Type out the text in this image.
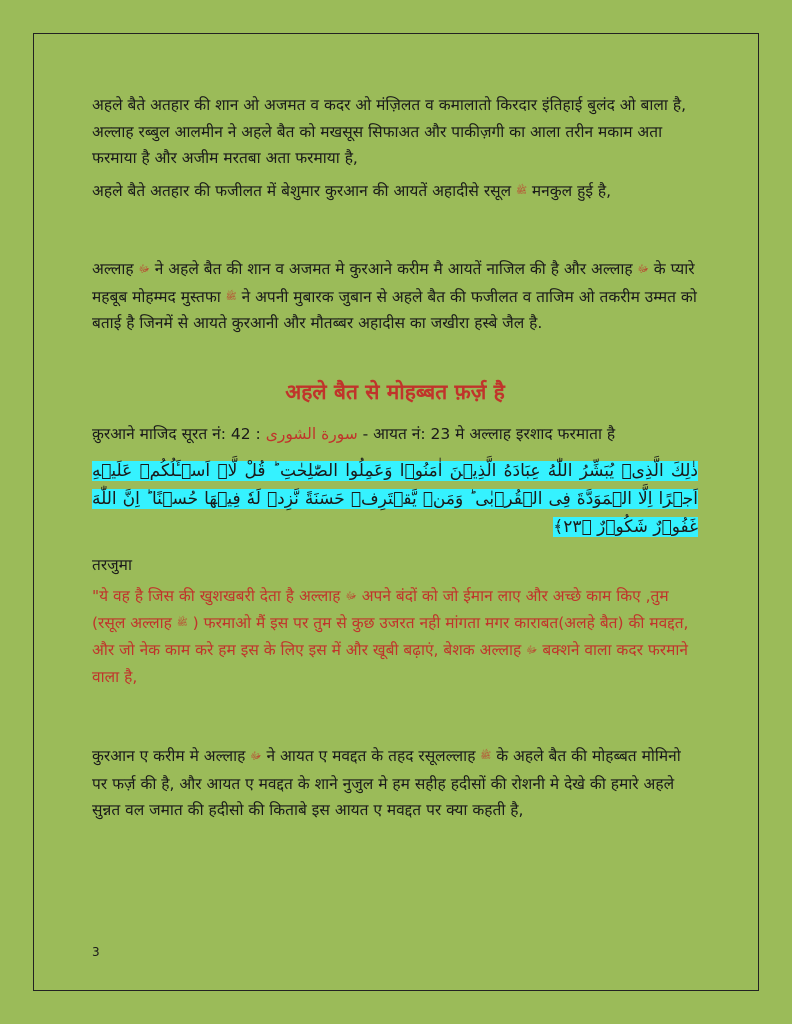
अहले बैते अतहार की शान ओ अजमत व कदर ओ मंज़िलत व कमालातो किरदार इंतिहाई बुलंद ओ बाला है, अल्लाह रब्बुल आलमीन ने अहले बैत को मखसूस सिफाअत और पाकीज़गी का आला तरीन मकाम अता फरमाया है और अजीम मरतबा अता फरमाया है,

अहले बैते अतहार की फजीलत में बेशुमार कुरआन की आयतें अहादीसे रसूल ﷺ मनकुल हुई है,

अल्लाह ﷻ ने अहले बैत की शान व अजमत मे कुरआने करीम मै आयतें नाजिल की है और अल्लाह ﷻ के प्यारे महबूब मोहम्मद मुस्तफा ﷺ ने अपनी मुबारक जुबान से अहले बैत की फजीलत व ताजिम ओ तकरीम उम्मत को बताई है जिनमें से आयते कुरआनी और मौतब्बर अहादीस का जखीरा हस्बे जैल है.

अहले बैत से मोहब्बत फ़र्ज़ है

क़ुरआने माजिद सूरत नं: 42 : سورة الشورى - आयत नं: 23 मे अल्लाह इरशाद फरमाता है

ذٰلِكَ الَّذِىۡ يُبَشِّرُ اللّٰهُ عِبَادَهُ الَّذِيۡنَ اٰمَنُوۡا وَعَمِلُوا الصّٰلِحٰتِ ؕ قُلْ لَّاۤ اَسۡـَٔلُكُمۡ عَلَيۡهِ اَجۡرًا اِلَّا الۡمَوَدَّةَ فِى الۡقُرۡبٰى ؕ وَمَنۡ يَّقۡتَرِفۡ حَسَنَةً نَّزِدۡ لَهٗ فِيۡهَا حُسۡنًا ؕ اِنَّ اللّٰهَ غَفُوۡرٌ شَكُوۡرٌ ﴿۲۳﴾

तरजुमा

"ये वह है जिस की खुशखबरी देता है अल्लाह ﷻ अपने बंदों को जो ईमान लाए और अच्छे काम किए ,तुम (रसूल अल्लाह ﷺ ) फरमाओ मैं इस पर तुम से कुछ उजरत नही मांगता मगर काराबत(अलहे बैत) की मवद्दत, और जो नेक काम करे हम इस के लिए इस में और खूबी बढ़ाएं, बेशक अल्लाह ﷻ बक्शने वाला कदर फरमाने वाला है,

कुरआन ए करीम मे अल्लाह ﷻ ने आयत ए मवद्दत के तहद रसूलल्लाह ﷺ के अहले बैत की मोहब्बत मोमिनो पर फर्ज़ की है, और आयत ए मवद्दत के शाने नुजुल मे हम सहीह हदीसों की रोशनी मे देखे की हमारे अहले सुन्नत वल जमात की हदीसो की किताबे इस आयत ए मवद्दत पर क्या कहती है,

3
